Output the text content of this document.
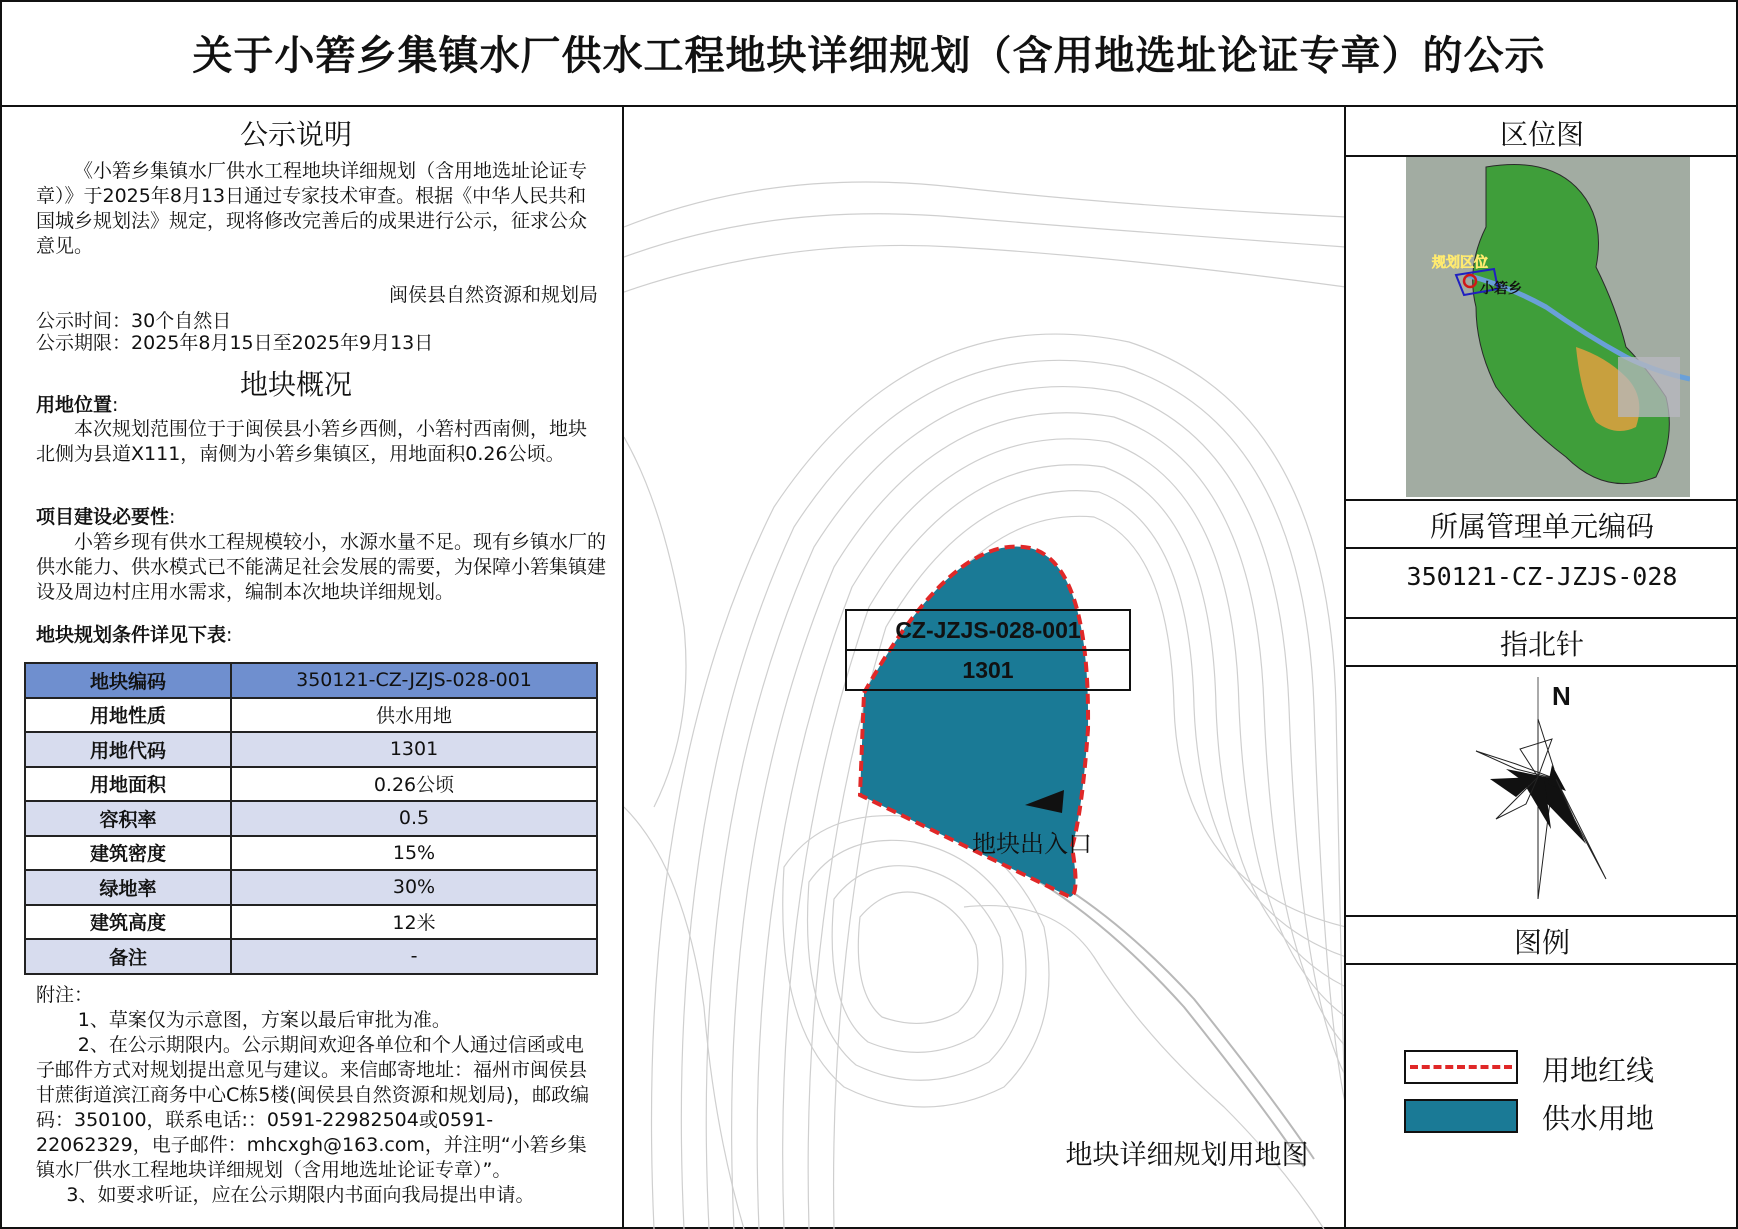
关于小箬乡集镇水厂供水工程地块详细规划（含用地选址论证专章）的公示
公示说明
《小箬乡集镇水厂供水工程地块详细规划（含用地选址论证专章）》于2025年8月13日通过专家技术审查。根据《中华人民共和国城乡规划法》规定，现将修改完善后的成果进行公示，征求公众意见。
闽侯县自然资源和规划局
公示时间：30个自然日
公示期限：2025年8月15日至2025年9月13日
地块概况
用地位置:
本次规划范围位于于闽侯县小箬乡西侧，小箬村西南侧，地块北侧为县道X111，南侧为小箬乡集镇区，用地面积0.26公顷。
项目建设必要性:
小箬乡现有供水工程规模较小，水源水量不足。现有乡镇水厂的供水能力、供水模式已不能满足社会发展的需要，为保障小箬集镇建设及周边村庄用水需求，编制本次地块详细规划。
地块规划条件详见下表:
地块编码	350121-CZ-JZJS-028-001
用地性质	供水用地
用地代码	1301
用地面积	0.26公顷
容积率	0.5
建筑密度	15%
绿地率	30%
建筑高度	12米
备注	-
附注：
1、草案仅为示意图，方案以最后审批为准。
2、在公示期限内。公示期间欢迎各单位和个人通过信函或电子邮件方式对规划提出意见与建议。来信邮寄地址：福州市闽侯县甘蔗街道滨江商务中心C栋5楼(闽侯县自然资源和规划局)，邮政编码：350100，联系电话:：0591-22982504或0591-22062329，电子邮件：mhcxgh@163.com，并注明“小箬乡集镇水厂供水工程地块详细规划（含用地选址论证专章）”。
3、如要求听证，应在公示期限内书面向我局提出申请。
CZ-JZJS-028-001
1301
地块出入口
地块详细规划用地图
区位图
规划区位
小箬乡
所属管理单元编码
350121-CZ-JZJS-028
指北针
N
图例
用地红线
供水用地
